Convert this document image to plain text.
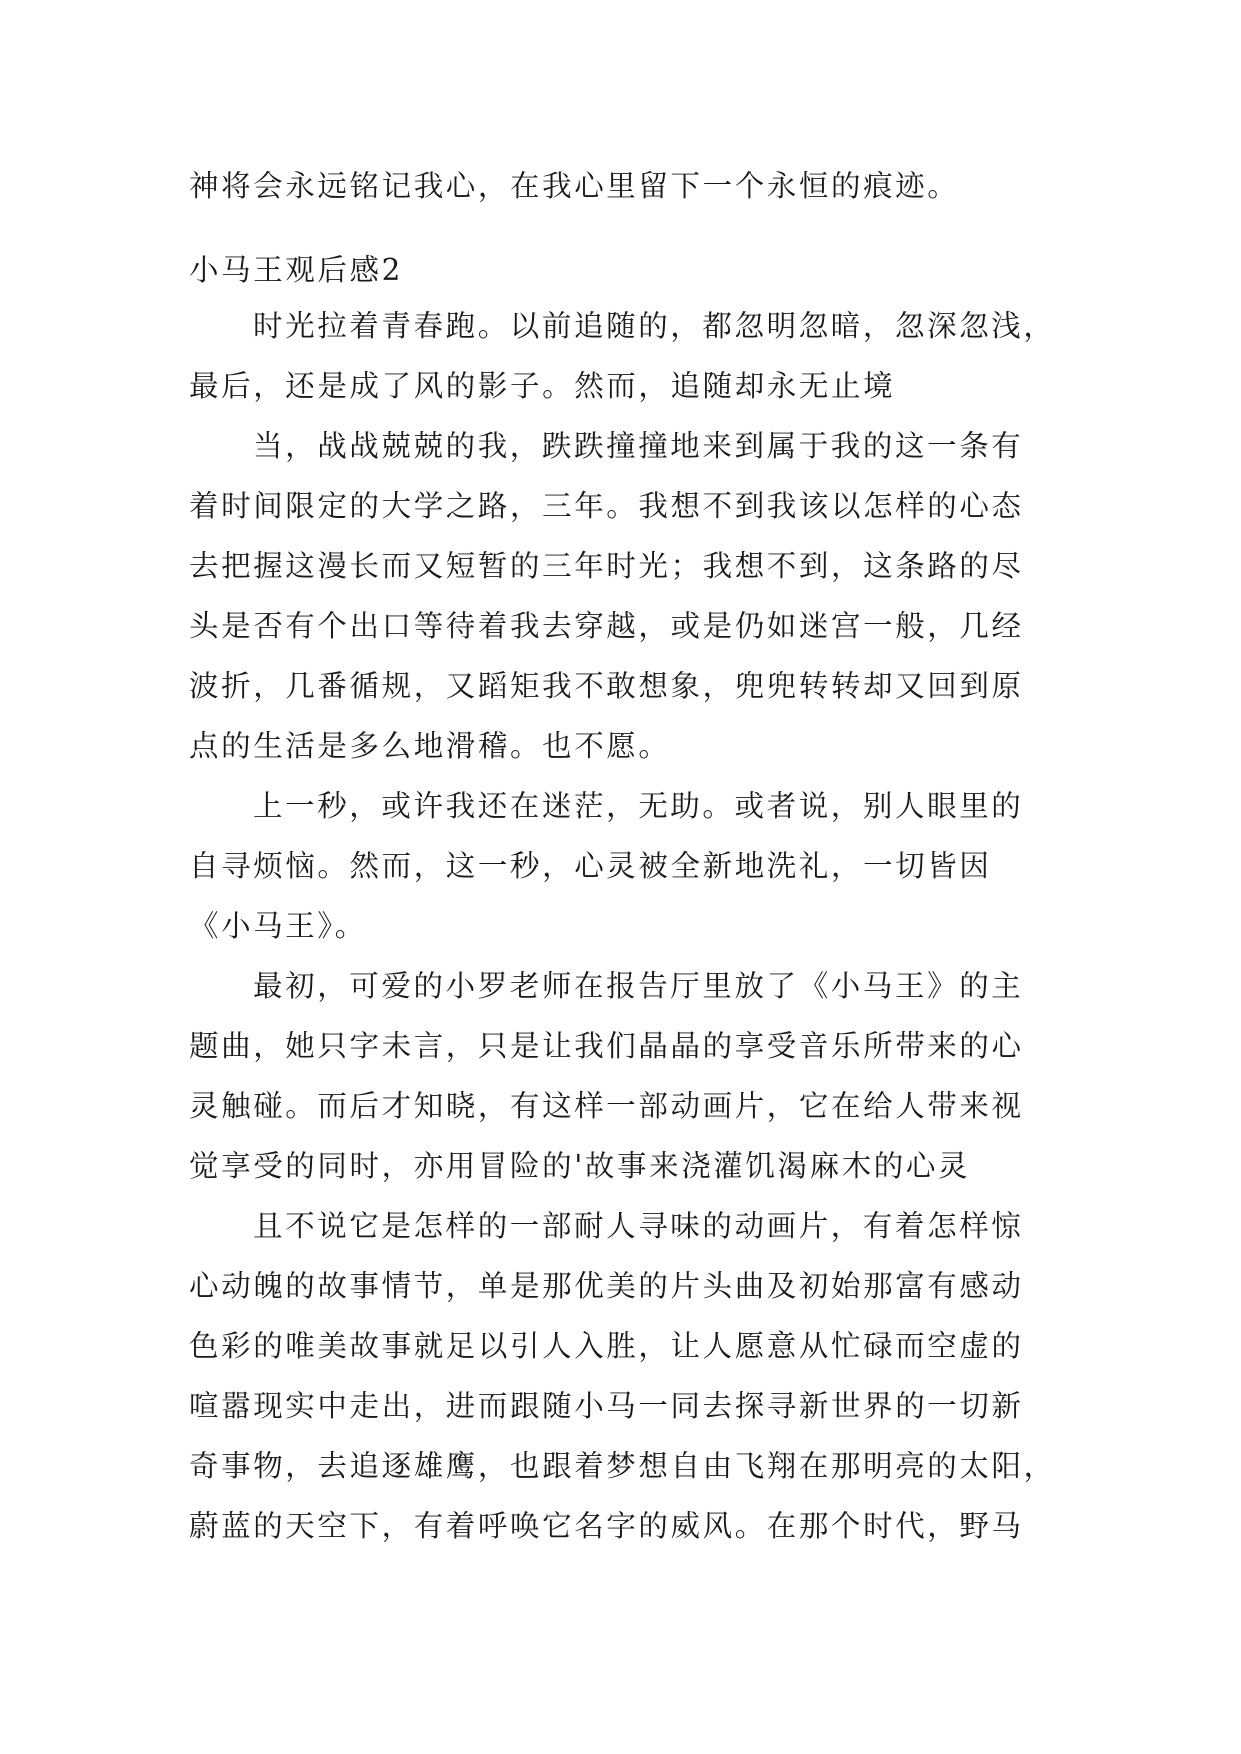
神将会永远铭记我心，在我心里留下一个永恒的痕迹。
小马王观后感2
时光拉着青春跑。以前追随的，都忽明忽暗，忽深忽浅，
最后，还是成了风的影子。然而，追随却永无止境
当，战战兢兢的我，跌跌撞撞地来到属于我的这一条有
着时间限定的大学之路，三年。我想不到我该以怎样的心态
去把握这漫长而又短暂的三年时光；我想不到，这条路的尽
头是否有个出口等待着我去穿越，或是仍如迷宫一般，几经
波折，几番循规，又蹈矩我不敢想象，兜兜转转却又回到原
点的生活是多么地滑稽。也不愿。
上一秒，或许我还在迷茫，无助。或者说，别人眼里的
自寻烦恼。然而，这一秒，心灵被全新地洗礼，一切皆因
《小马王》。
最初，可爱的小罗老师在报告厅里放了《小马王》的主
题曲，她只字未言，只是让我们晶晶的享受音乐所带来的心
灵触碰。而后才知晓，有这样一部动画片，它在给人带来视
觉享受的同时，亦用冒险的'故事来浇灌饥渴麻木的心灵
且不说它是怎样的一部耐人寻味的动画片，有着怎样惊
心动魄的故事情节，单是那优美的片头曲及初始那富有感动
色彩的唯美故事就足以引人入胜，让人愿意从忙碌而空虚的
喧嚣现实中走出，进而跟随小马一同去探寻新世界的一切新
奇事物，去追逐雄鹰，也跟着梦想自由飞翔在那明亮的太阳，
蔚蓝的天空下，有着呼唤它名字的威风。在那个时代，野马
